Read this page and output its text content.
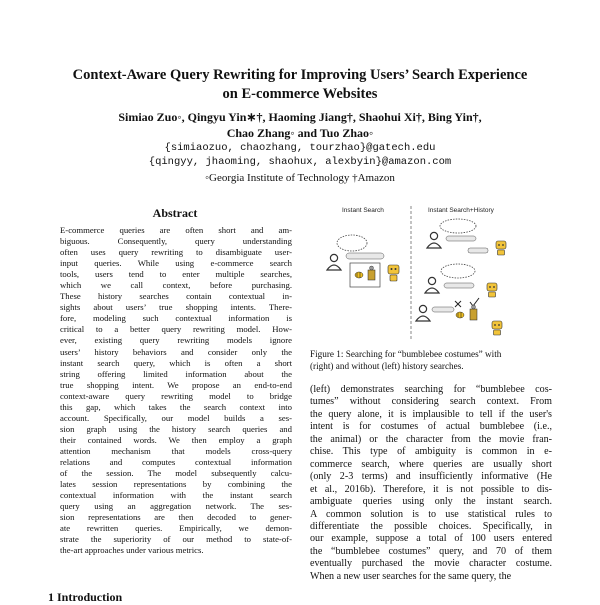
Context-Aware Query Rewriting for Improving Users’ Search Experience
on E-commerce Websites
Simiao Zuo◦, Qingyu Yin∗†, Haoming Jiang†, Shaohui Xi†, Bing Yin†,
Chao Zhang◦ and Tuo Zhao◦
{simiaozuo, chaozhang, tourzhao}@gatech.edu
{qingyy, jhaoming, shaohux, alexbyin}@amazon.com
◦Georgia Institute of Technology †Amazon
Abstract
E-commerce queries are often short and am-
biguous. Consequently, query understanding
often uses query rewriting to disambiguate user-
input queries. While using e-commerce search
tools, users tend to enter multiple searches,
which we call context, before purchasing.
These history searches contain contextual in-
sights about users’ true shopping intents. There-
fore, modeling such contextual information is
critical to a better query rewriting model. How-
ever, existing query rewriting models ignore
users’ history behaviors and consider only the
instant search query, which is often a short
string offering limited information about the
true shopping intent. We propose an end-to-end
context-aware query rewriting model to bridge
this gap, which takes the search context into
account. Specifically, our model builds a ses-
sion graph using the history search queries and
their contained words. We then employ a graph
attention mechanism that models cross-query
relations and computes contextual information
of the session. The model subsequently calcu-
lates session representations by combining the
contextual information with the instant search
query using an aggregation network. The ses-
sion representations are then decoded to gener-
ate rewritten queries. Empirically, we demon-
strate the superiority of our method to state-of-
the-art approaches under various metrics.
1 Introduction
Instant Search	Instant Search+History
Figure 1: Searching for “bumblebee costumes” with
(right) and without (left) history searches.
(left) demonstrates searching for “bumblebee cos-
tumes” without considering search context. From
the query alone, it is implausible to tell if the user's
intent is for costumes of actual bumblebee (i.e.,
the animal) or the character from the movie fran-
chise. This type of ambiguity is common in e-
commerce search, where queries are usually short
(only 2-3 terms) and insufficiently informative (He
et al., 2016b). Therefore, it is not possible to dis-
ambiguate queries using only the instant search.
A common solution is to use statistical rules to
differentiate the possible choices. Specifically, in
our example, suppose a total of 100 users entered
the “bumblebee costumes” query, and 70 of them
eventually purchased the movie character costume.
When a new user searches for the same query, the
